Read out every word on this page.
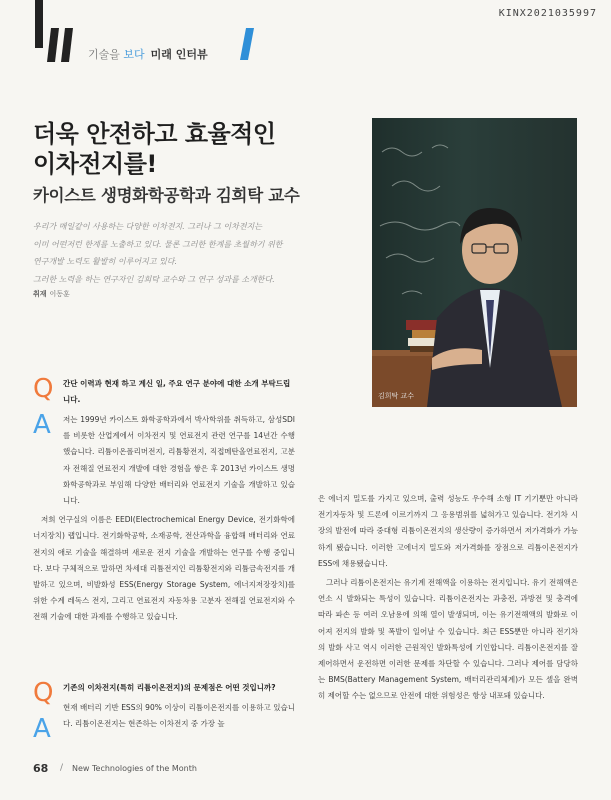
KINX2021035997
기술을 보다 미래 인터뷰
더욱 안전하고 효율적인
이차전지를!
카이스트 생명화학공학과 김희탁 교수

우리가 매일같이 사용하는 다양한 이차전지. 그러나 그 이차전지는

이미 어떤저런 한계를 노출하고 있다. 물론 그러한 한계를 초월하기 위한

연구개발 노력도 활발히 이루어지고 있다.

그러한 노력을 하는 연구자인 김희탁 교수와 그 연구 성과를 소개한다.

취재 이동훈
김희탁 교수
Q 간단 이력과 현재 하고 계신 일, 주요 연구 분야에 대한 소개 부탁드립니다.
A 저는 1999년 카이스트 화학공학과에서 박사학위를 취득하고, 삼성SDI를 비롯한 산업계에서 이차전지 및 연료전지 관련 연구를 14년간 수행했습니다. 리튬이온폴리머전지, 리튬황전지, 직접메탄올연료전지, 고분자 전해질 연료전지 개발에 대한 경험을 쌓은 후 2013년 카이스트 생명화학공학과로 부임해 다양한 배터리와 연료전지 기술을 개발하고 있습니다.

저희 연구실의 이름은 EEDI(Electrochemical Energy Device, 전기화학에너지장치) 랩입니다. 전기화학공학, 소재공학, 전산과학을 융합해 배터리와 연료전지의 애로 기술을 해결하며 새로운 전지 기술을 개발하는 연구를 수행 중입니다. 보다 구체적으로 말하면 차세대 리튬전지인 리튬황전지와 리튬금속전지를 개발하고 있으며, 비발화성 ESS(Energy Storage System, 에너지저장장치)를 위한 수계 레독스 전지, 그리고 연료전지 자동차용 고분자 전해질 연료전지와 수전해 기술에 대한 과제를 수행하고 있습니다.

Q 기존의 이차전지(특히 리튬이온전지)의 문제점은 어떤 것입니까?
A

현재 배터리 기반 ESS의 90% 이상이 리튬이온전지를 이용하고 있습니다. 리튬이온전지는 현존하는 이차전지 중 가장 높

은 에너지 밀도를 가지고 있으며, 출력 성능도 우수해 소형 IT 기기뿐만 아니라 전기자동차 및 드론에 이르기까지 그 응용범위를 넓혀가고 있습니다. 전기차 시장의 발전에 따라 중대형 리튬이온전지의 생산량이 증가하면서 저가격화가 가능하게 됐습니다. 이러한 고에너지 밀도와 저가격화를 장점으로 리튬이온전지가 ESS에 채용됐습니다.

그러나 리튬이온전지는 유기계 전해액을 이용하는 전지입니다. 유기 전해액은 연소 시 발화되는 특성이 있습니다. 리튬이온전지는 과충전, 과방전 및 충격에 따라 파손 등 여러 오남용에 의해 열이 발생되며, 이는 유기전해액의 발화로 이어져 전지의 발화 및 폭발이 일어날 수 있습니다. 최근 ESS뿐만 아니라 전기차의 발화 사고 역시 이러한 근원적인 발화특성에 기인합니다. 리튬이온전지를 잘 제어하면서 운전하면 이러한 문제를 차단할 수 있습니다. 그러나 제어를 담당하는 BMS(Battery Management System, 배터리관리체계)가 모든 셀을 완벽히 제어할 수는 없으므로 안전에 대한 위험성은 항상 내포돼 있습니다.

68 / New Technologies of the Month
